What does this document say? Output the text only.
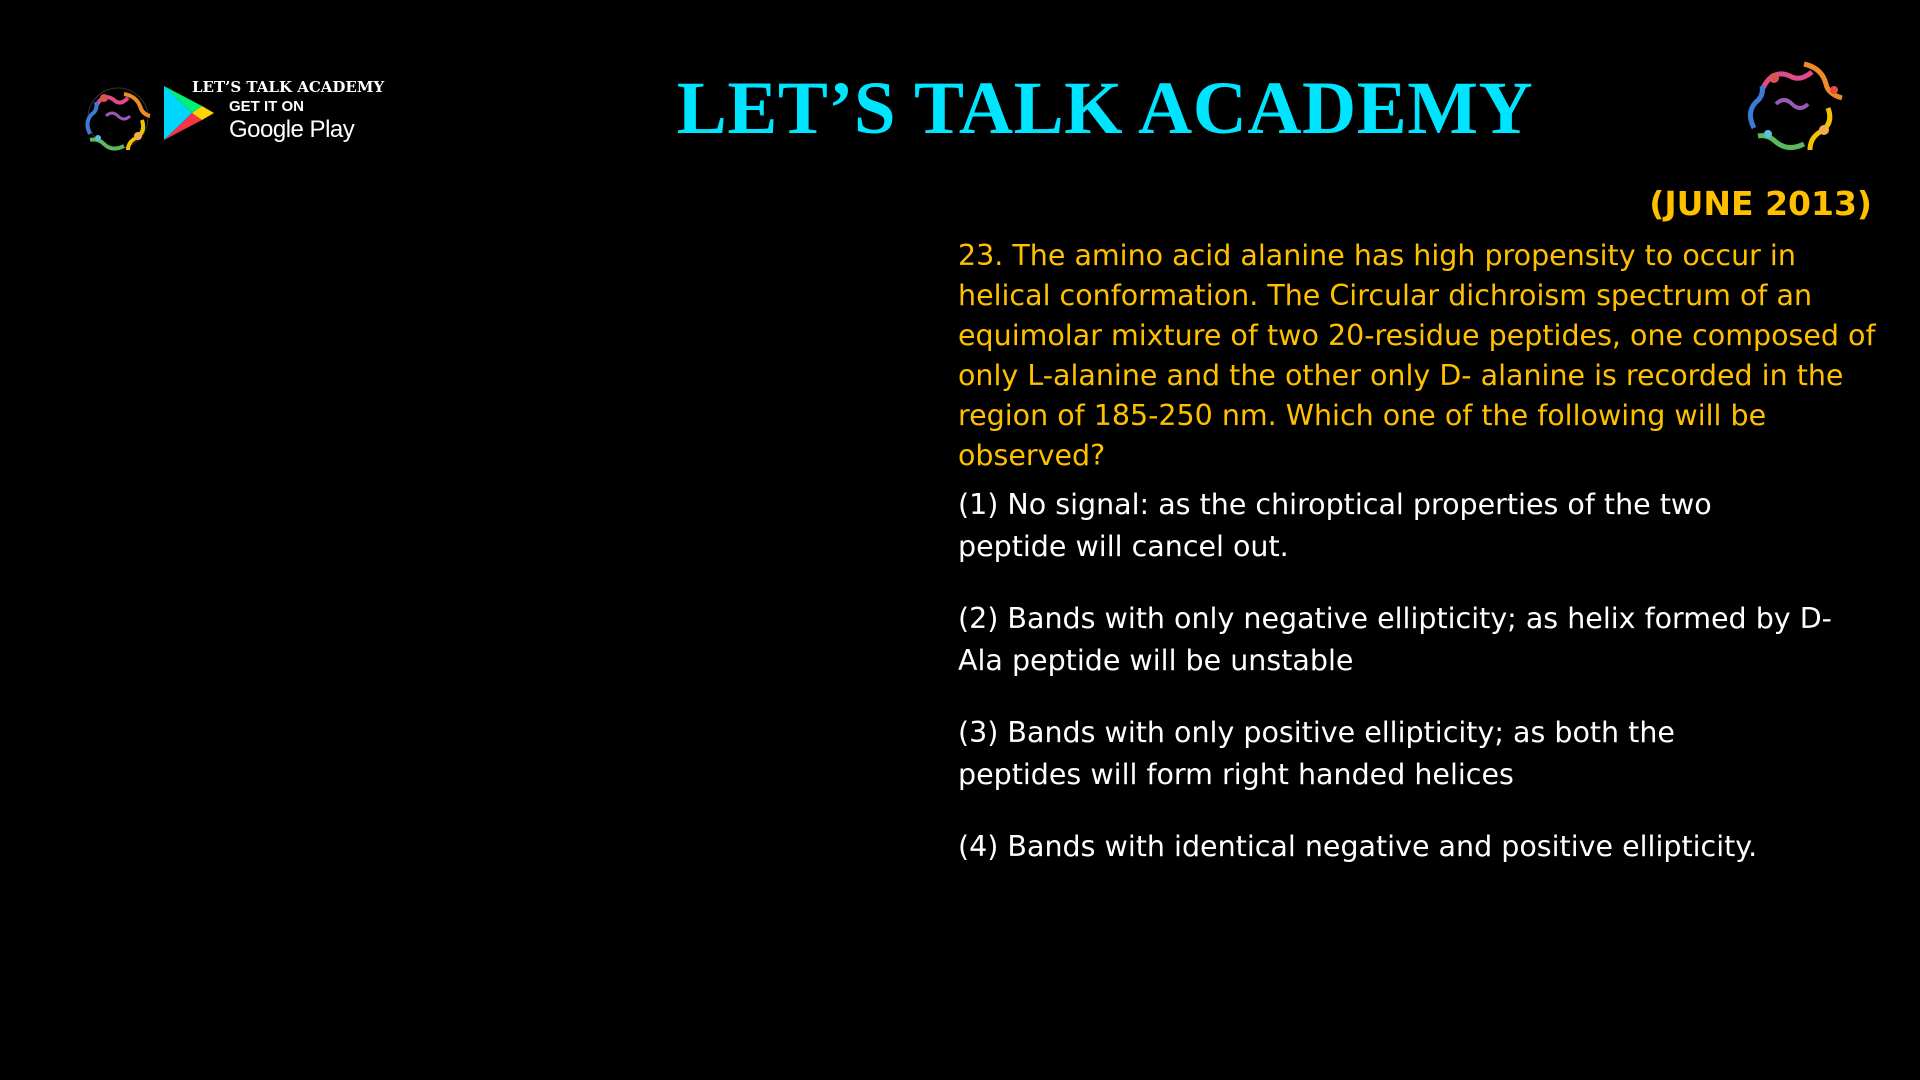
LET’S TALK ACADEMY
GET IT ON
Google Play	LET’S TALK ACADEMY
(JUNE 2013)

23. The amino acid alanine has high propensity to occur in helical conformation. The Circular dichroism spectrum of an equimolar mixture of two 20-residue peptides, one composed of only L-alanine and the other only D- alanine is recorded in the region of 185-250 nm. Which one of the following will be observed?

(1) No signal: as the chiroptical properties of the two peptide will cancel out.

(2) Bands with only negative ellipticity; as helix formed by D-Ala peptide will be unstable

(3) Bands with only positive ellipticity; as both the peptides will form right handed helices

(4) Bands with identical negative and positive ellipticity.
